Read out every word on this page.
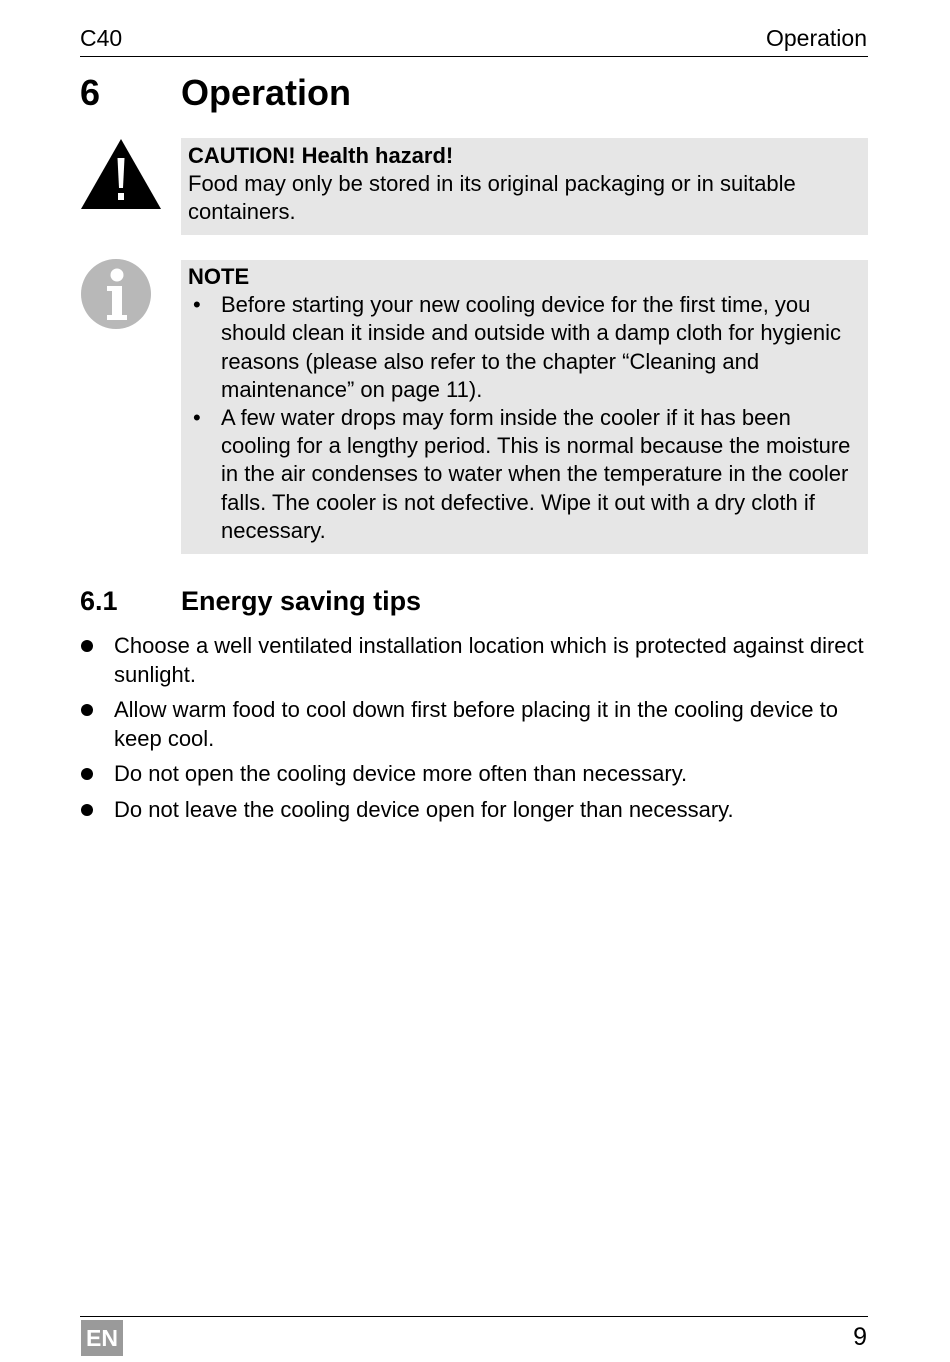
C40	Operation
6 Operation
CAUTION! Health hazard!
Food may only be stored in its original packaging or in suitable containers.
NOTE
• Before starting your new cooling device for the first time, you should clean it inside and outside with a damp cloth for hygienic reasons (please also refer to the chapter “Cleaning and maintenance” on page 11).
• A few water drops may form inside the cooler if it has been cooling for a lengthy period. This is normal because the moisture in the air condenses to water when the temperature in the cooler falls. The cooler is not defective. Wipe it out with a dry cloth if necessary.
6.1 Energy saving tips
Choose a well ventilated installation location which is protected against direct sunlight.
Allow warm food to cool down first before placing it in the cooling device to keep cool.
Do not open the cooling device more often than necessary.
Do not leave the cooling device open for longer than necessary.
EN	9
